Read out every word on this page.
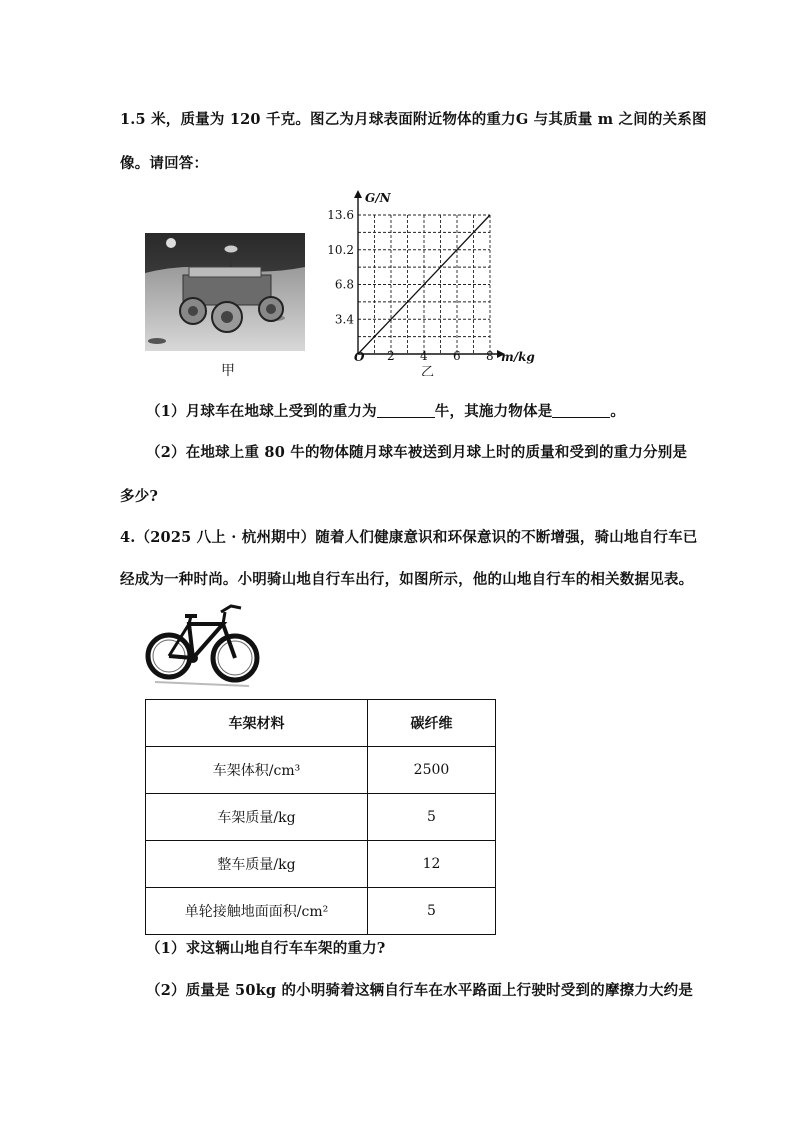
1.5 米，质量为 120 千克。图乙为月球表面附近物体的重力G 与其质量 m 之间的关系图
像。请回答：
甲
2 4 6 8
3.4
6.8
10.2
13.6
G/N
m/kg
O
乙
（1）月球车在地球上受到的重力为	牛，其施力物体是	。
（2）在地球上重 80 牛的物体随月球车被送到月球上时的质量和受到的重力分别是
多少?
4.（2025 八上 · 杭州期中）随着人们健康意识和环保意识的不断增强，骑山地自行车已
经成为一种时尚。小明骑山地自行车出行，如图所示，他的山地自行车的相关数据见表。
车架材料	碳纤维
车架体积/cm³	2500
车架质量/kg	5
整车质量/kg	12
单轮接触地面面积/cm²	5
（1）求这辆山地自行车车架的重力?
（2）质量是 50kg 的小明骑着这辆自行车在水平路面上行驶时受到的摩擦力大约是
